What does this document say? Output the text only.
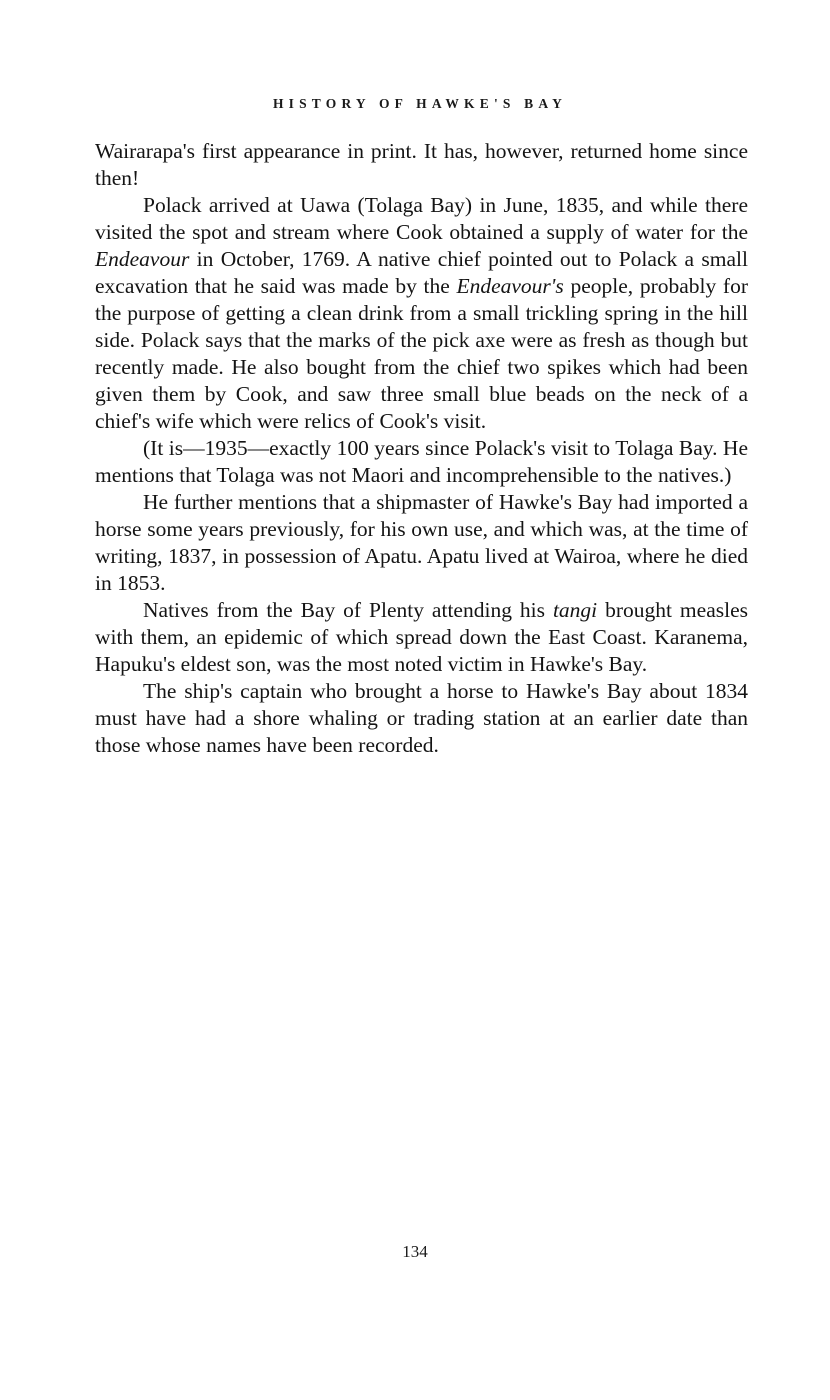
HISTORY OF HAWKE'S BAY

Wairarapa's first appearance in print. It has, however, returned home since then!

Polack arrived at Uawa (Tolaga Bay) in June, 1835, and while there visited the spot and stream where Cook obtained a supply of water for the Endeavour in October, 1769. A native chief pointed out to Polack a small excavation that he said was made by the Endeavour's people, probably for the purpose of getting a clean drink from a small trickling spring in the hill side. Polack says that the marks of the pick axe were as fresh as though but recently made. He also bought from the chief two spikes which had been given them by Cook, and saw three small blue beads on the neck of a chief's wife which were relics of Cook's visit.

(It is—1935—exactly 100 years since Polack's visit to Tolaga Bay. He mentions that Tolaga was not Maori and incomprehensible to the natives.)

He further mentions that a shipmaster of Hawke's Bay had imported a horse some years previously, for his own use, and which was, at the time of writing, 1837, in possession of Apatu. Apatu lived at Wairoa, where he died in 1853.

Natives from the Bay of Plenty attending his tangi brought measles with them, an epidemic of which spread down the East Coast. Karanema, Hapuku's eldest son, was the most noted victim in Hawke's Bay.

The ship's captain who brought a horse to Hawke's Bay about 1834 must have had a shore whaling or trading station at an earlier date than those whose names have been recorded.

134
